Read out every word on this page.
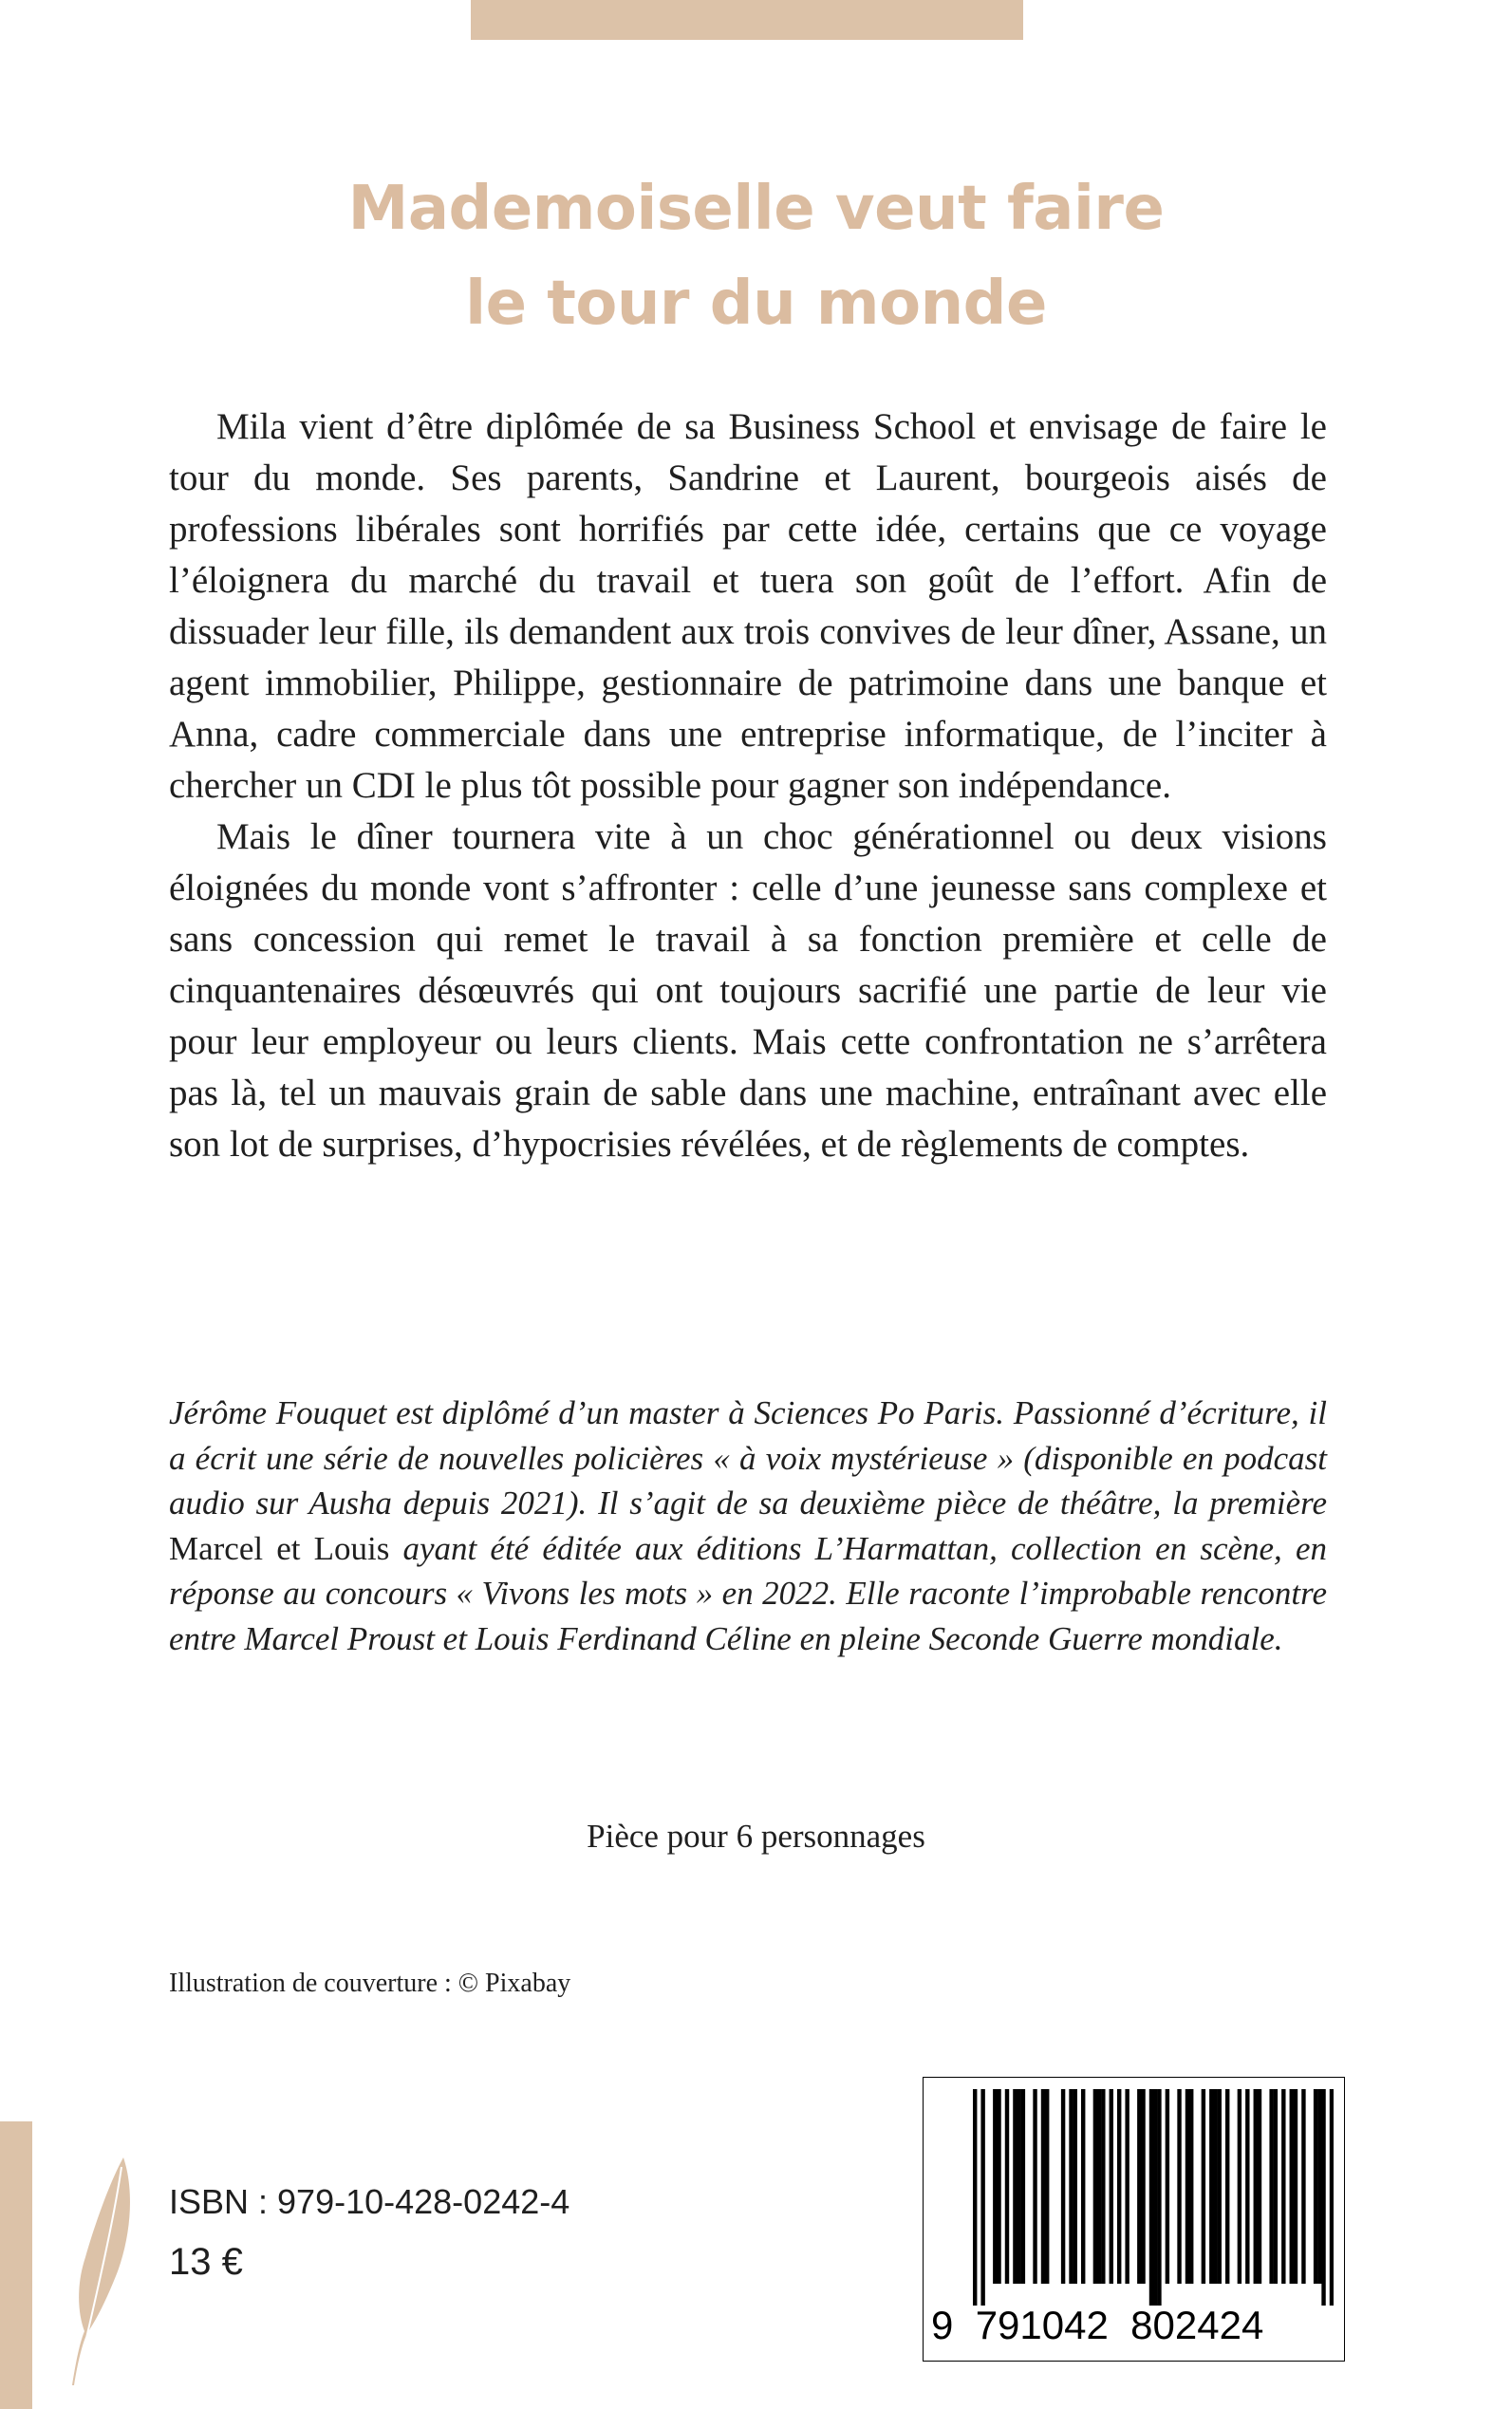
Mademoiselle veut faire
le tour du monde

Mila vient d’être diplômée de sa Business School et envisage de faire le tour du monde. Ses parents, Sandrine et Laurent, bourgeois aisés de professions libérales sont horrifiés par cette idée, certains que ce voyage l’éloignera du marché du travail et tuera son goût de l’effort. Afin de dissuader leur fille, ils demandent aux trois convives de leur dîner, Assane, un agent immobilier, Philippe, gestionnaire de patrimoine dans une banque et Anna, cadre commerciale dans une entreprise informatique, de l’inciter à chercher un CDI le plus tôt possible pour gagner son indépendance.

Mais le dîner tournera vite à un choc générationnel ou deux visions éloignées du monde vont s’affronter : celle d’une jeunesse sans complexe et sans concession qui remet le travail à sa fonction première et celle de cinquantenaires désœuvrés qui ont toujours sacrifié une partie de leur vie pour leur employeur ou leurs clients. Mais cette confrontation ne s’arrêtera pas là, tel un mauvais grain de sable dans une machine, entraînant avec elle son lot de surprises, d’hypocrisies révélées, et de règlements de comptes.

Jérôme Fouquet est diplômé d’un master à Sciences Po Paris. Passionné d’écriture, il a écrit une série de nouvelles policières « à voix mystérieuse » (disponible en podcast audio sur Ausha depuis 2021). Il s’agit de sa deuxième pièce de théâtre, la première Marcel et Louis ayant été éditée aux éditions L’Harmattan, collection en scène, en réponse au concours « Vivons les mots » en 2022. Elle raconte l’improbable rencontre entre Marcel Proust et Louis Ferdinand Céline en pleine Seconde Guerre mondiale.
Pièce pour 6 personnages
Illustration de couverture : © Pixabay
ISBN : 979-10-428-0242-4
13 €
9  791042  802424
